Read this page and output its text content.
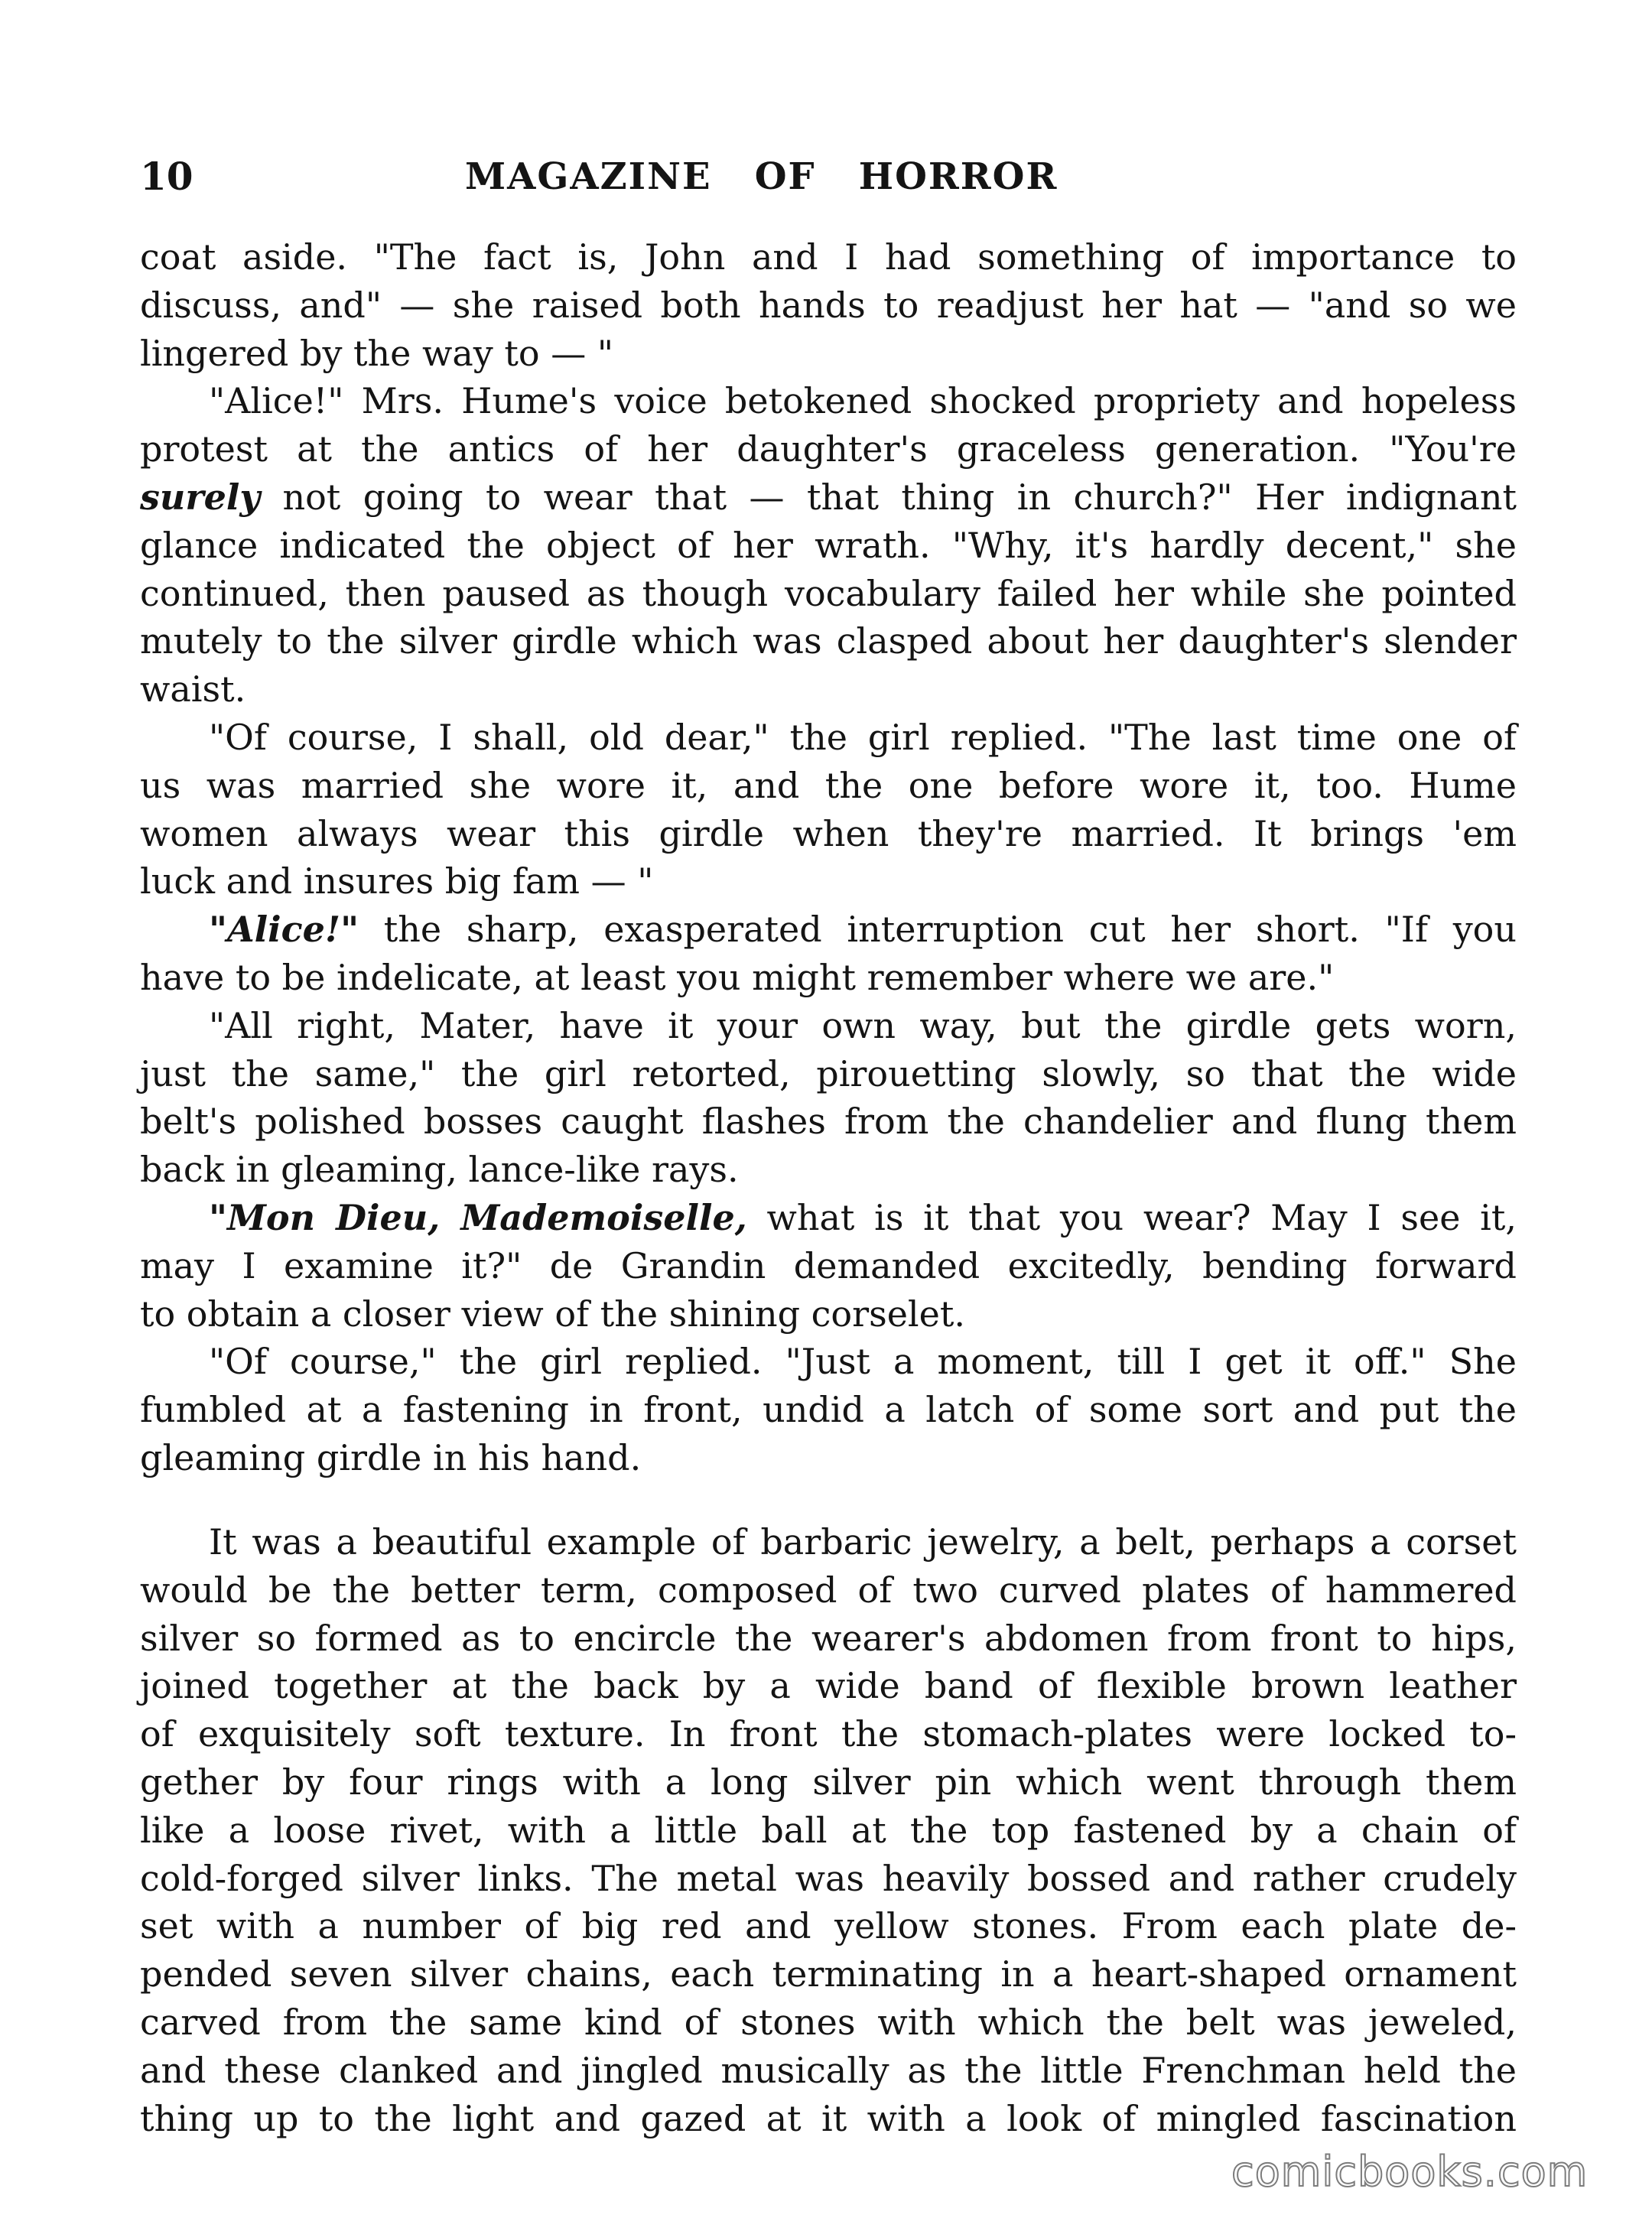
10	MAGAZINE   OF   HORROR
coat aside. "The fact is, John and I had something of importance to
discuss, and" — she raised both hands to readjust her hat — "and so we
lingered by the way to — "
"Alice!" Mrs. Hume's voice betokened shocked propriety and hopeless
protest at the antics of her daughter's graceless generation. "You're
surely not going to wear that — that thing in church?" Her indignant
glance indicated the object of her wrath. "Why, it's hardly decent," she
continued, then paused as though vocabulary failed her while she pointed
mutely to the silver girdle which was clasped about her daughter's slender
waist.
"Of course, I shall, old dear," the girl replied. "The last time one of
us was married she wore it, and the one before wore it, too. Hume
women always wear this girdle when they're married. It brings 'em
luck and insures big fam — "
"Alice!" the sharp, exasperated interruption cut her short. "If you
have to be indelicate, at least you might remember where we are."
"All right, Mater, have it your own way, but the girdle gets worn,
just the same," the girl retorted, pirouetting slowly, so that the wide
belt's polished bosses caught flashes from the chandelier and flung them
back in gleaming, lance-like rays.
"Mon Dieu, Mademoiselle, what is it that you wear? May I see it,
may I examine it?" de Grandin demanded excitedly, bending forward
to obtain a closer view of the shining corselet.
"Of course," the girl replied. "Just a moment, till I get it off." She
fumbled at a fastening in front, undid a latch of some sort and put the
gleaming girdle in his hand.
It was a beautiful example of barbaric jewelry, a belt, perhaps a corset
would be the better term, composed of two curved plates of hammered
silver so formed as to encircle the wearer's abdomen from front to hips,
joined together at the back by a wide band of flexible brown leather
of exquisitely soft texture. In front the stomach-plates were locked to-
gether by four rings with a long silver pin which went through them
like a loose rivet, with a little ball at the top fastened by a chain of
cold-forged silver links. The metal was heavily bossed and rather crudely
set with a number of big red and yellow stones. From each plate de-
pended seven silver chains, each terminating in a heart-shaped ornament
carved from the same kind of stones with which the belt was jeweled,
and these clanked and jingled musically as the little Frenchman held the
thing up to the light and gazed at it with a look of mingled fascination
comicbooks.com
